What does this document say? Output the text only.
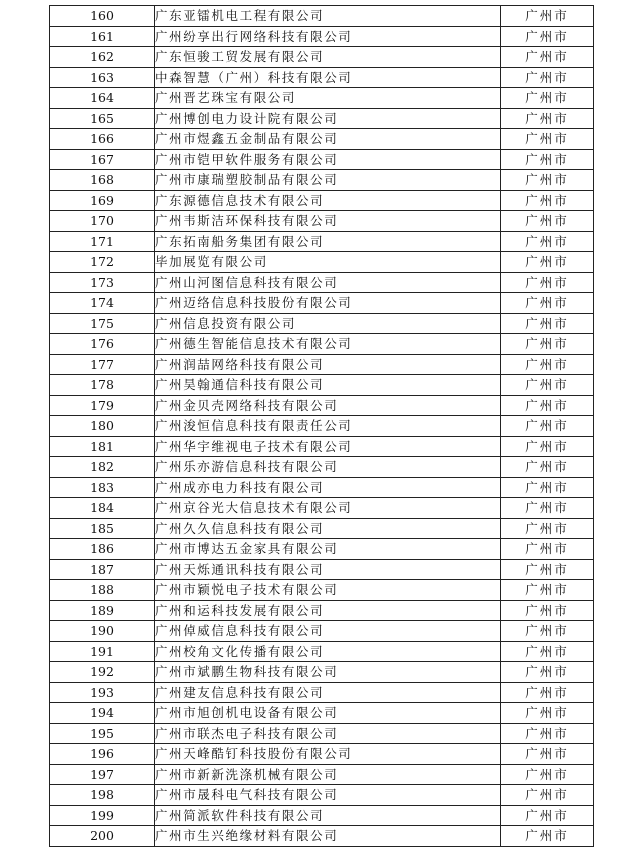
160	广东亚镭机电工程有限公司	广州市
161	广州纷享出行网络科技有限公司	广州市
162	广东恒骏工贸发展有限公司	广州市
163	中森智慧（广州）科技有限公司	广州市
164	广州晋艺珠宝有限公司	广州市
165	广州博创电力设计院有限公司	广州市
166	广州市煜鑫五金制品有限公司	广州市
167	广州市铠甲软件服务有限公司	广州市
168	广州市康瑞塑胶制品有限公司	广州市
169	广东源德信息技术有限公司	广州市
170	广州韦斯洁环保科技有限公司	广州市
171	广东拓南船务集团有限公司	广州市
172	毕加展览有限公司	广州市
173	广州山河图信息科技有限公司	广州市
174	广州迈络信息科技股份有限公司	广州市
175	广州信息投资有限公司	广州市
176	广州德生智能信息技术有限公司	广州市
177	广州润喆网络科技有限公司	广州市
178	广州昊翰通信科技有限公司	广州市
179	广州金贝壳网络科技有限公司	广州市
180	广州浚恒信息科技有限责任公司	广州市
181	广州华宇维视电子技术有限公司	广州市
182	广州乐亦游信息科技有限公司	广州市
183	广州成亦电力科技有限公司	广州市
184	广州京谷光大信息技术有限公司	广州市
185	广州久久信息科技有限公司	广州市
186	广州市博达五金家具有限公司	广州市
187	广州天烁通讯科技有限公司	广州市
188	广州市颖悦电子技术有限公司	广州市
189	广州和运科技发展有限公司	广州市
190	广州倬威信息科技有限公司	广州市
191	广州校角文化传播有限公司	广州市
192	广州市斌鹏生物科技有限公司	广州市
193	广州建友信息科技有限公司	广州市
194	广州市旭创机电设备有限公司	广州市
195	广州市联杰电子科技有限公司	广州市
196	广州天峰酷钉科技股份有限公司	广州市
197	广州市新新洗涤机械有限公司	广州市
198	广州市晟科电气科技有限公司	广州市
199	广州简派软件科技有限公司	广州市
200	广州市生兴绝缘材料有限公司	广州市
